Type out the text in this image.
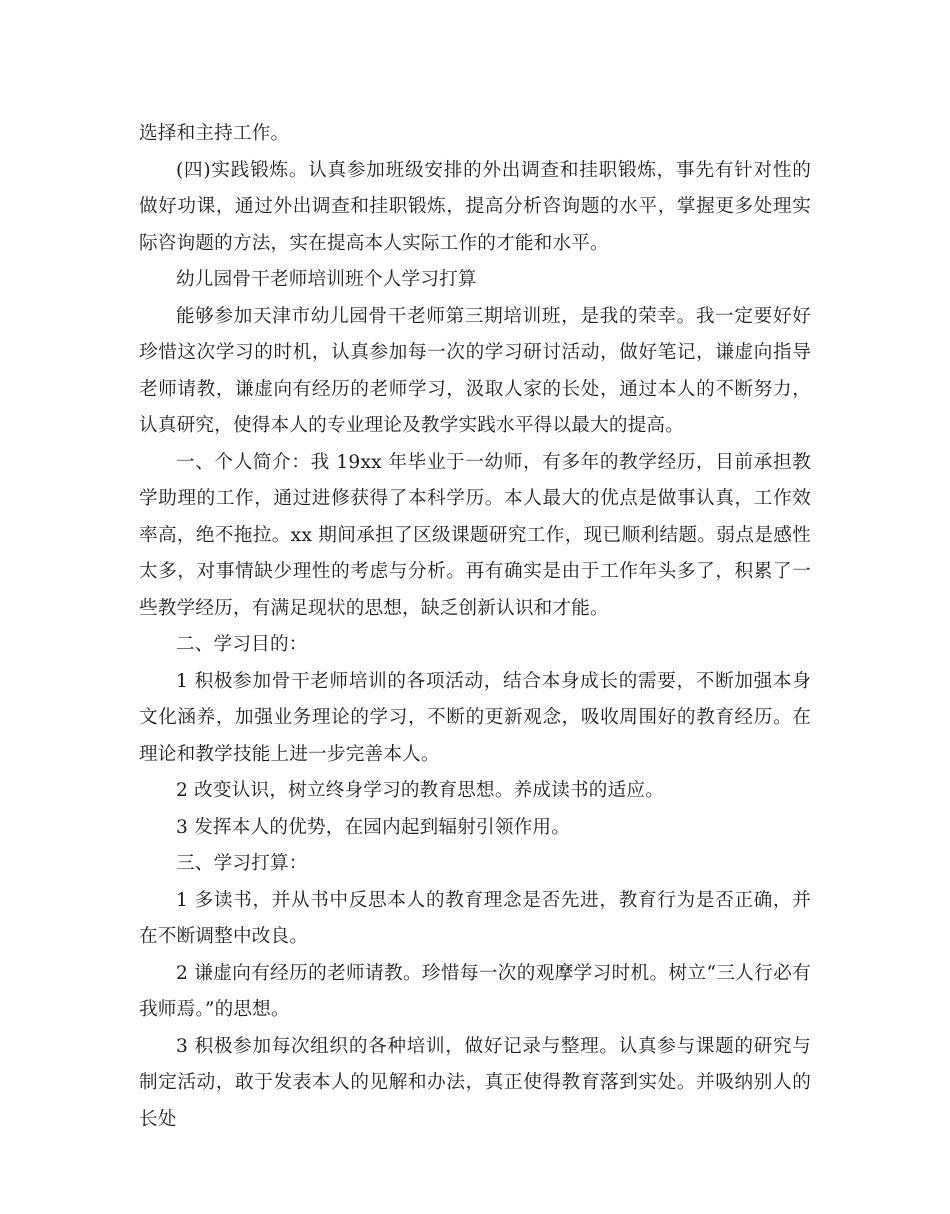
选择和主持工作。

(四)实践锻炼。认真参加班级安排的外出调查和挂职锻炼，事先有针对性的做好功课，通过外出调查和挂职锻炼，提高分析咨询题的水平，掌握更多处理实际咨询题的方法，实在提高本人实际工作的才能和水平。

幼儿园骨干老师培训班个人学习打算

能够参加天津市幼儿园骨干老师第三期培训班，是我的荣幸。我一定要好好珍惜这次学习的时机，认真参加每一次的学习研讨活动，做好笔记，谦虚向指导老师请教，谦虚向有经历的老师学习，汲取人家的长处，通过本人的不断努力，认真研究，使得本人的专业理论及教学实践水平得以最大的提高。

一、个人简介：我 19xx 年毕业于一幼师，有多年的教学经历，目前承担教学助理的工作，通过进修获得了本科学历。本人最大的优点是做事认真，工作效率高，绝不拖拉。xx 期间承担了区级课题研究工作，现已顺利结题。弱点是感性太多，对事情缺少理性的考虑与分析。再有确实是由于工作年头多了，积累了一些教学经历，有满足现状的思想，缺乏创新认识和才能。

二、学习目的：

1 积极参加骨干老师培训的各项活动，结合本身成长的需要，不断加强本身文化涵养，加强业务理论的学习，不断的更新观念，吸收周围好的教育经历。在理论和教学技能上进一步完善本人。

2 改变认识，树立终身学习的教育思想。养成读书的适应。

3 发挥本人的优势，在园内起到辐射引领作用。

三、学习打算：

1 多读书，并从书中反思本人的教育理念是否先进，教育行为是否正确，并在不断调整中改良。

2 谦虚向有经历的老师请教。珍惜每一次的观摩学习时机。树立“三人行必有我师焉。”的思想。

3 积极参加每次组织的各种培训，做好记录与整理。认真参与课题的研究与制定活动，敢于发表本人的见解和办法，真正使得教育落到实处。并吸纳别人的长处
